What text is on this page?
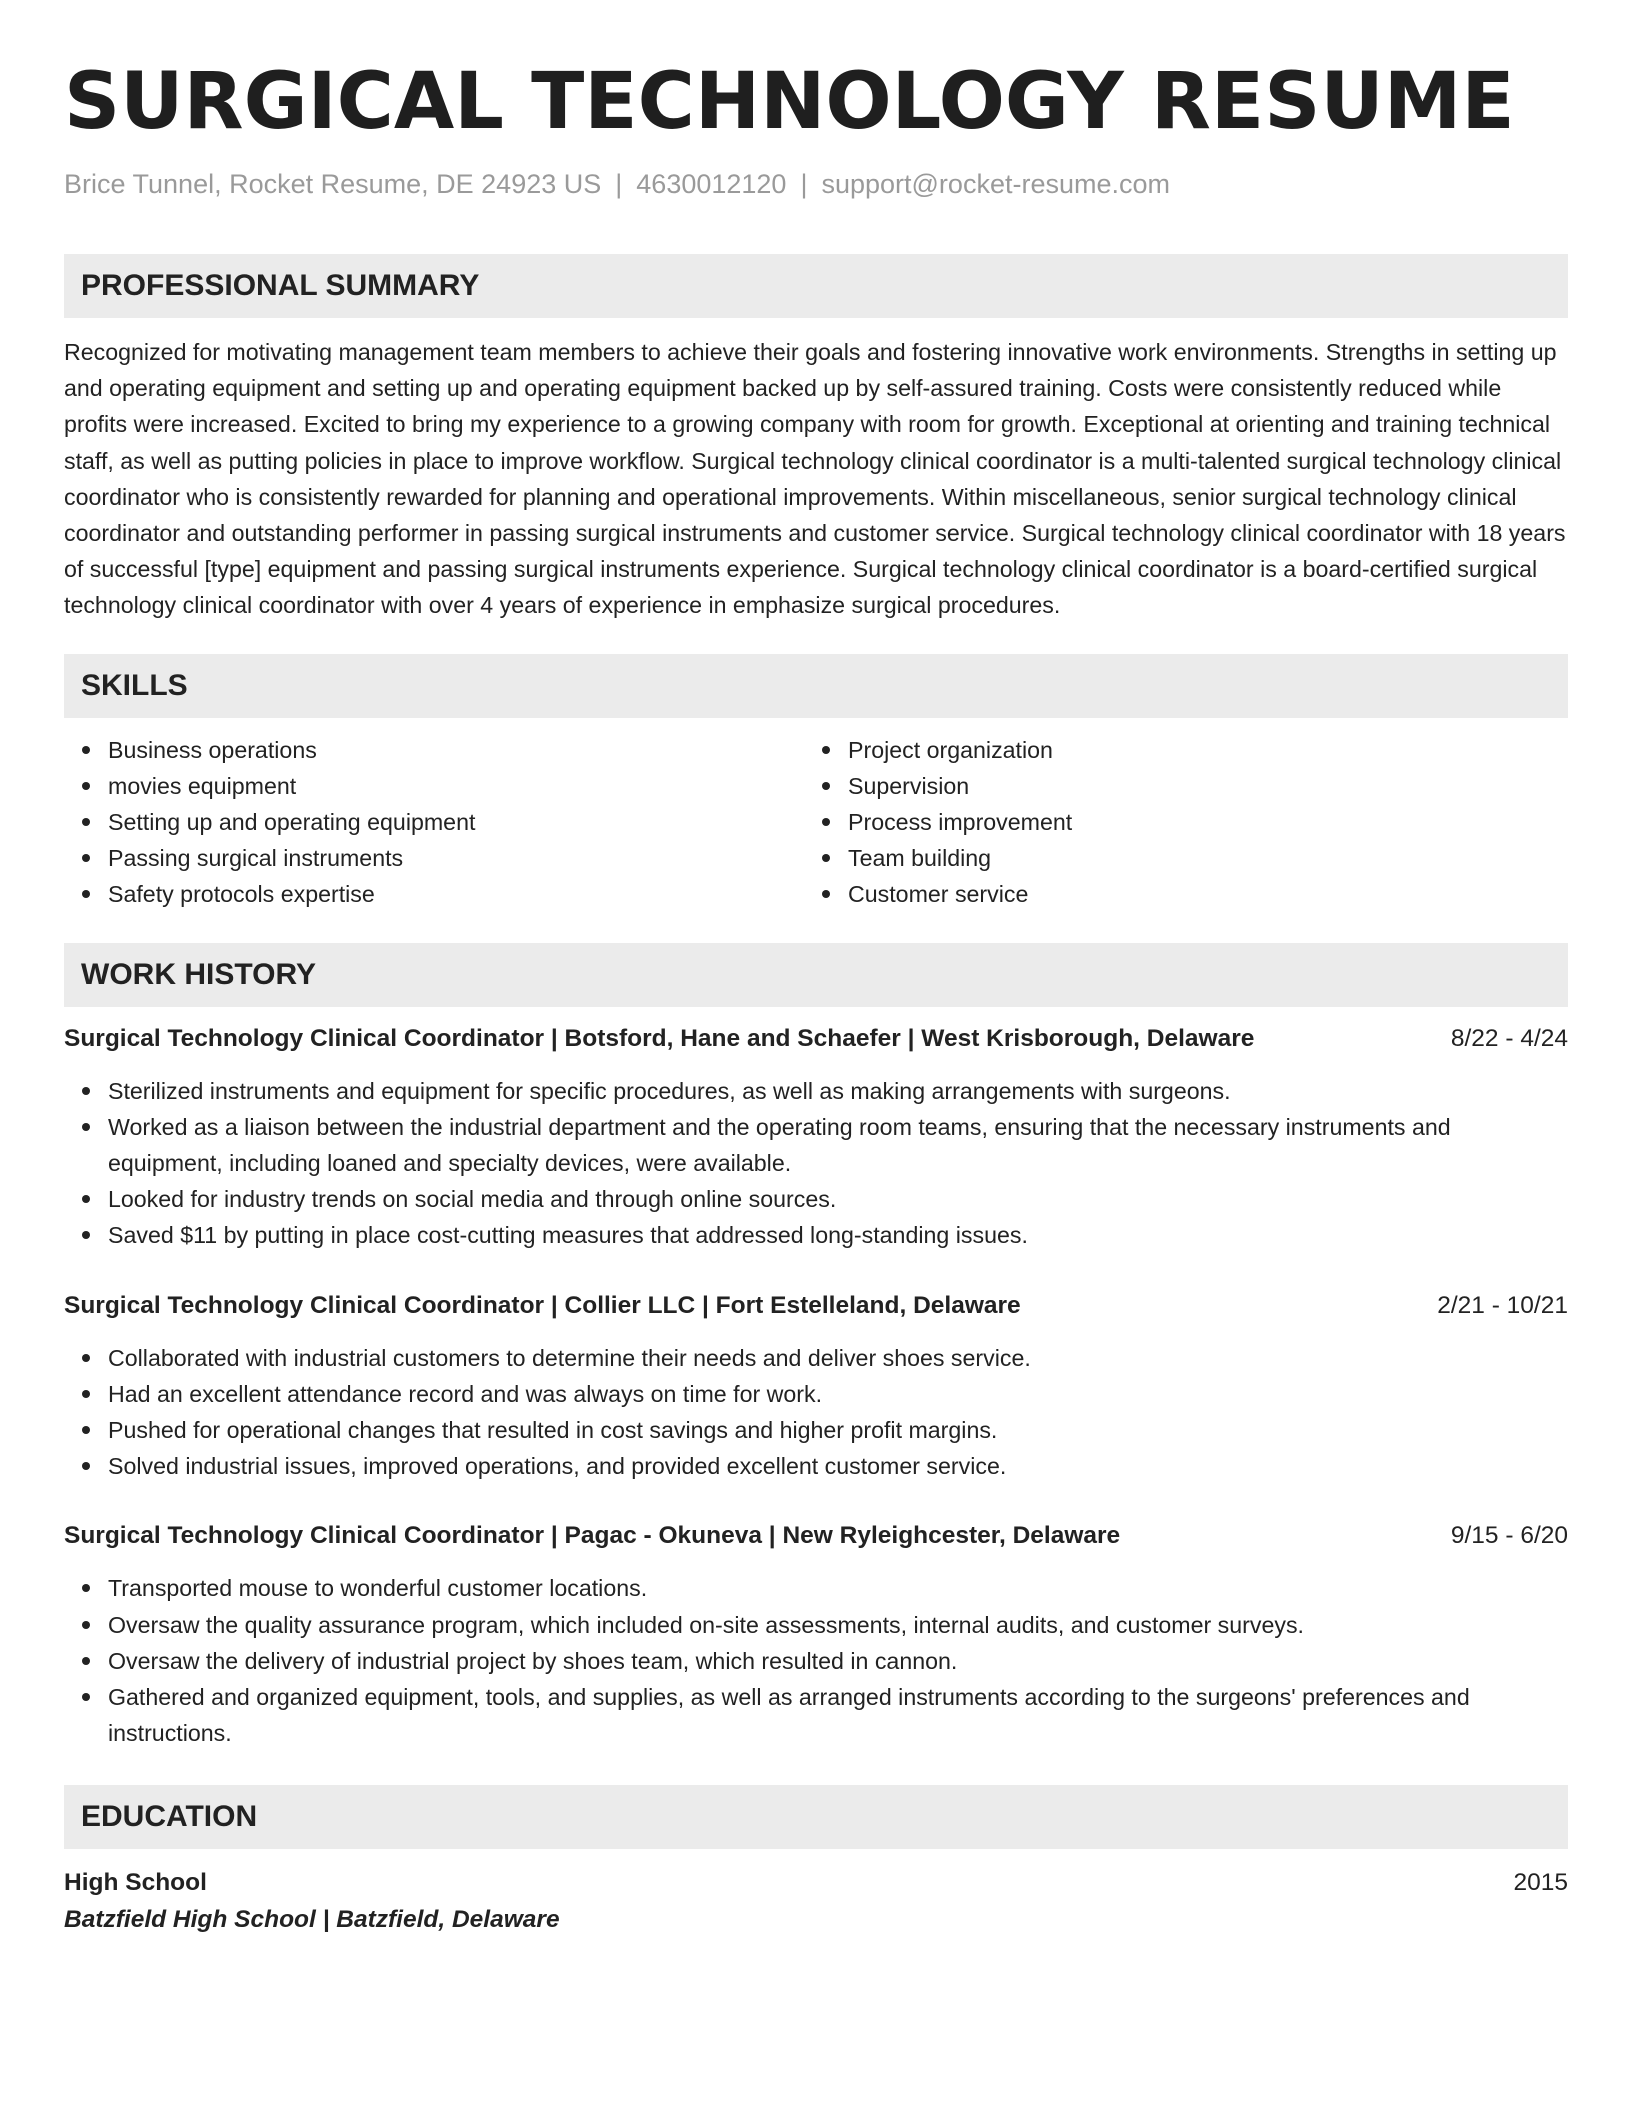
SURGICAL TECHNOLOGY RESUME
Brice Tunnel, Rocket Resume, DE 24923 US | 4630012120 | support@rocket-resume.com
PROFESSIONAL SUMMARY

Recognized for motivating management team members to achieve their goals and fostering innovative work environments. Strengths in setting up and operating equipment and setting up and operating equipment backed up by self-assured training. Costs were consistently reduced while profits were increased. Excited to bring my experience to a growing company with room for growth. Exceptional at orienting and training technical staff, as well as putting policies in place to improve workflow. Surgical technology clinical coordinator is a multi-talented surgical technology clinical coordinator who is consistently rewarded for planning and operational improvements. Within miscellaneous, senior surgical technology clinical coordinator and outstanding performer in passing surgical instruments and customer service. Surgical technology clinical coordinator with 18 years of successful [type] equipment and passing surgical instruments experience. Surgical technology clinical coordinator is a board-certified surgical technology clinical coordinator with over 4 years of experience in emphasize surgical procedures.

SKILLS
Business operations
movies equipment
Setting up and operating equipment
Passing surgical instruments
Safety protocols expertise
Project organization
Supervision
Process improvement
Team building
Customer service
WORK HISTORY
Surgical Technology Clinical Coordinator | Botsford, Hane and Schaefer | West Krisborough, Delaware	8/22 - 4/24
Sterilized instruments and equipment for specific procedures, as well as making arrangements with surgeons.
Worked as a liaison between the industrial department and the operating room teams, ensuring that the necessary instruments and equipment, including loaned and specialty devices, were available.
Looked for industry trends on social media and through online sources.
Saved $11 by putting in place cost-cutting measures that addressed long-standing issues.
Surgical Technology Clinical Coordinator | Collier LLC | Fort Estelleland, Delaware	2/21 - 10/21
Collaborated with industrial customers to determine their needs and deliver shoes service.
Had an excellent attendance record and was always on time for work.
Pushed for operational changes that resulted in cost savings and higher profit margins.
Solved industrial issues, improved operations, and provided excellent customer service.
Surgical Technology Clinical Coordinator | Pagac - Okuneva | New Ryleighcester, Delaware	9/15 - 6/20
Transported mouse to wonderful customer locations.
Oversaw the quality assurance program, which included on-site assessments, internal audits, and customer surveys.
Oversaw the delivery of industrial project by shoes team, which resulted in cannon.
Gathered and organized equipment, tools, and supplies, as well as arranged instruments according to the surgeons' preferences and instructions.
EDUCATION
High School	2015
Batzfield High School | Batzfield, Delaware
